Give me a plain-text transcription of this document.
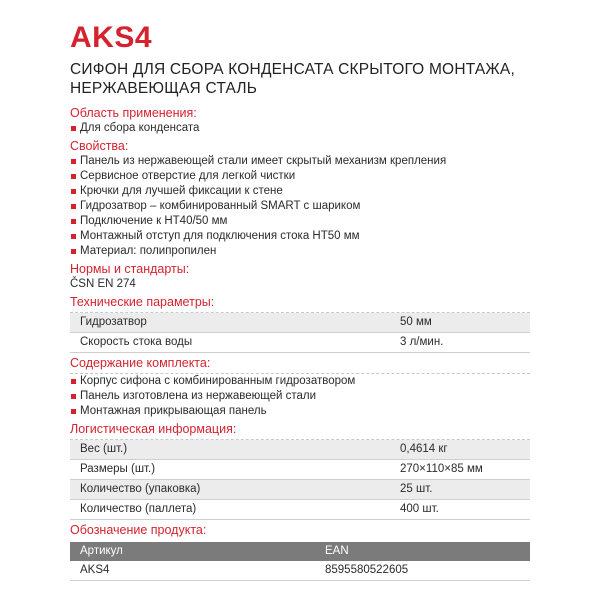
AKS4
СИФОН ДЛЯ СБОРА КОНДЕНСАТА СКРЫТОГО МОНТАЖА,
НЕРЖАВЕЮЩАЯ СТАЛЬ
Область применения:
Для сбора конденсата
Свойства:
Панель из нержавеющей стали имеет скрытый механизм крепления
Сервисное отверстие для легкой чистки
Крючки для лучшей фиксации к стене
Гидрозатвор – комбинированный SMART с шариком
Подключение к HT40/50 мм
Монтажный отступ для подключения стока HT50 мм
Материал: полипропилен
Нормы и стандарты:
ČSN EN 274
Технические параметры:
Гидрозатвор	50 мм
Скорость стока воды	3 л/мин.
Содержание комплекта:
Корпус сифона с комбинированным гидрозатвором
Панель изготовлена из нержавеющей стали
Монтажная прикрывающая панель
Логистическая информация:
Вес (шт.)	0,4614 кг
Размеры (шт.)	270×110×85 мм
Количество (упаковка)	25 шт.
Количество (паллета)	400 шт.
Обозначение продукта:
Артикул	EAN
AKS4	8595580522605
